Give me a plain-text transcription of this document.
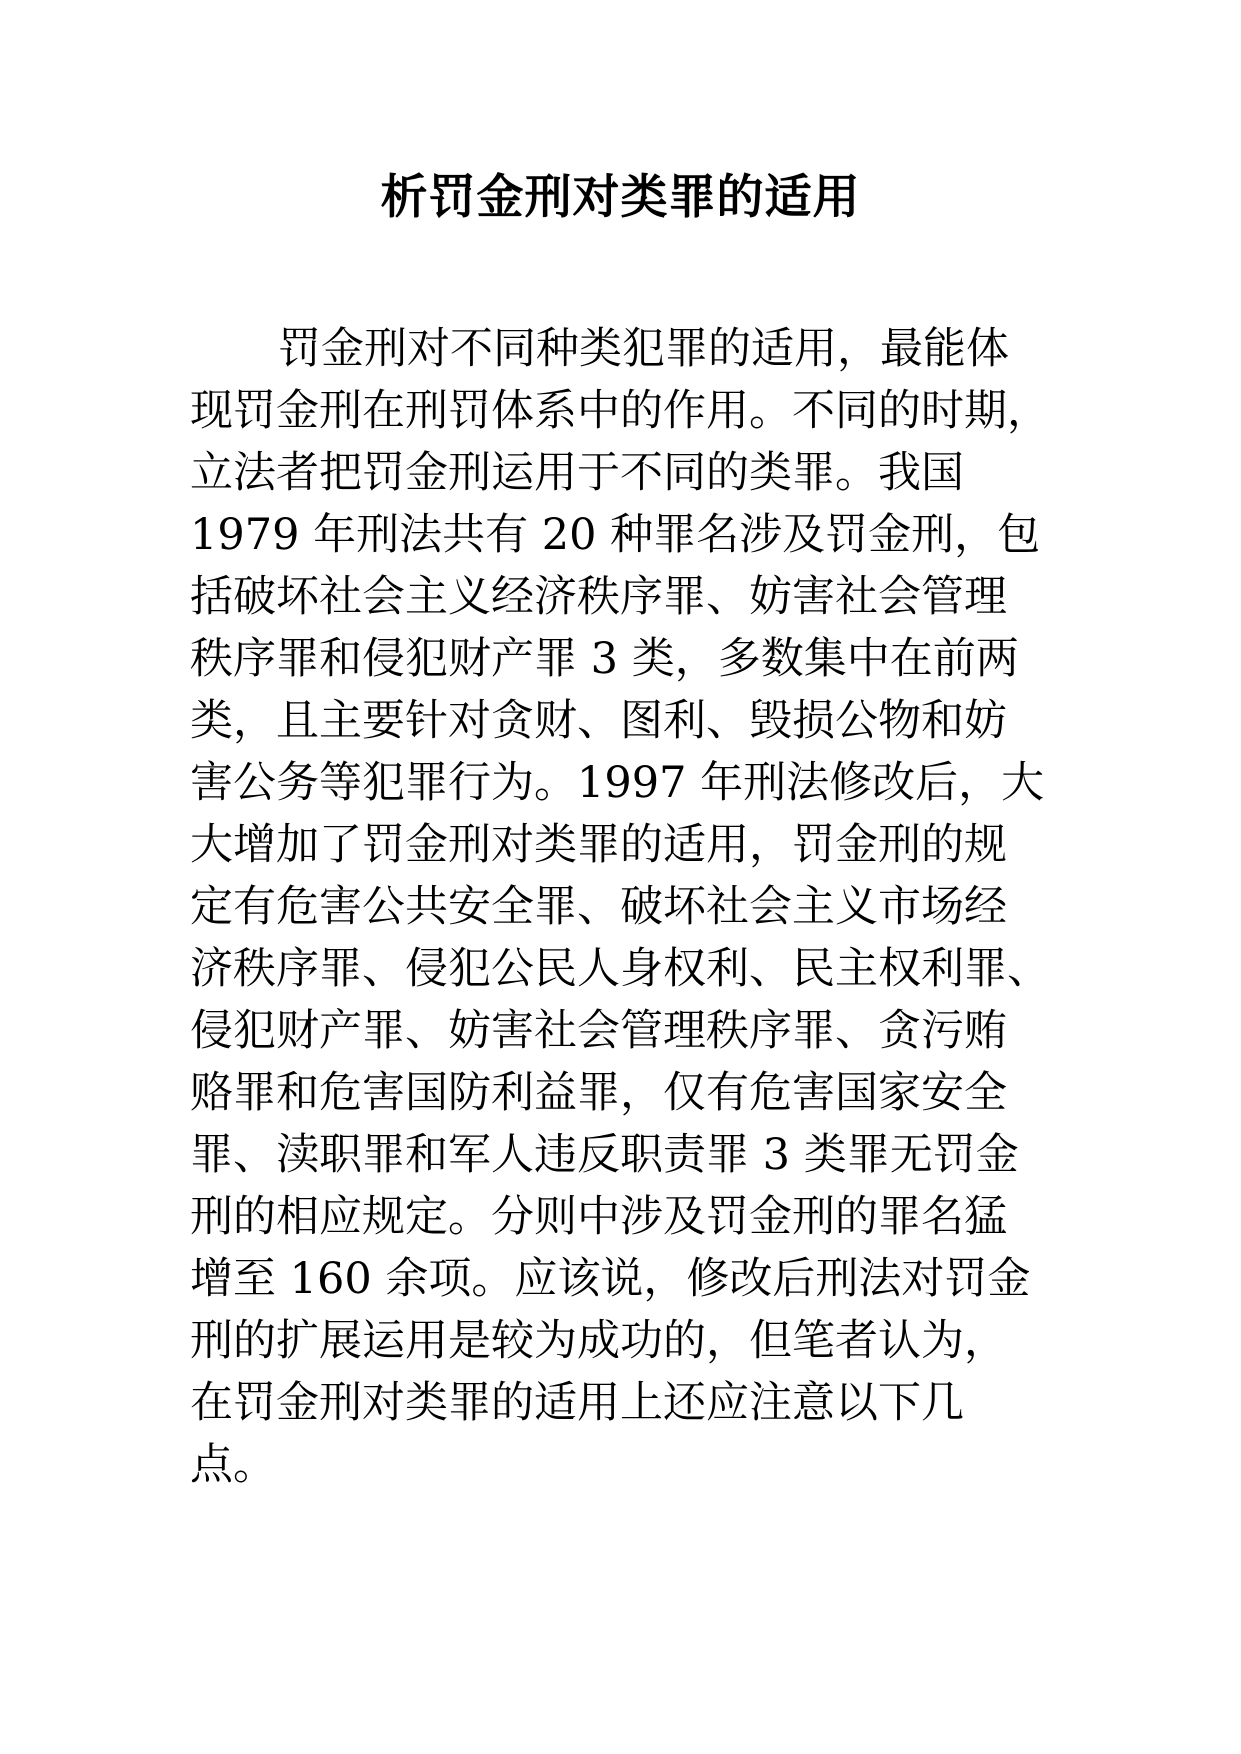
析罚金刑对类罪的适用
罚金刑对不同种类犯罪的适用，最能体
现罚金刑在刑罚体系中的作用。不同的时期，
立法者把罚金刑运用于不同的类罪。我国
1979 年刑法共有 20 种罪名涉及罚金刑，包
括破坏社会主义经济秩序罪、妨害社会管理
秩序罪和侵犯财产罪 3 类，多数集中在前两
类，且主要针对贪财、图利、毁损公物和妨
害公务等犯罪行为。1997 年刑法修改后，大
大增加了罚金刑对类罪的适用，罚金刑的规
定有危害公共安全罪、破坏社会主义市场经
济秩序罪、侵犯公民人身权利、民主权利罪、
侵犯财产罪、妨害社会管理秩序罪、贪污贿
赂罪和危害国防利益罪，仅有危害国家安全
罪、渎职罪和军人违反职责罪 3 类罪无罚金
刑的相应规定。分则中涉及罚金刑的罪名猛
增至 160 余项。应该说，修改后刑法对罚金
刑的扩展运用是较为成功的，但笔者认为，
在罚金刑对类罪的适用上还应注意以下几
点。
